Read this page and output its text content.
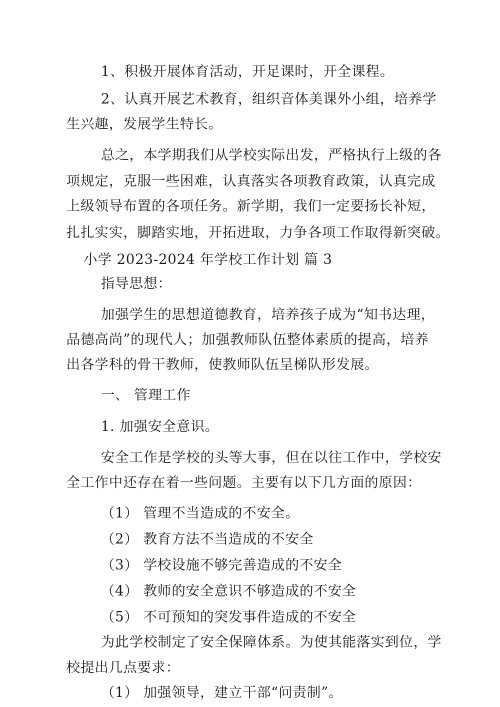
1、积极开展体育活动，开足课时，开全课程。
2、认真开展艺术教育，组织音体美课外小组，培养学
生兴趣，发展学生特长。
总之，本学期我们从学校实际出发，严格执行上级的各
项规定，克服一些困难，认真落实各项教育政策，认真完成
上级领导布置的各项任务。新学期，我们一定要扬长补短，
扎扎实实，脚踏实地，开拓进取，力争各项工作取得新突破。
小学 2023-2024 年学校工作计划 篇 3
指导思想：
加强学生的思想道德教育，培养孩子成为“知书达理，
品德高尚”的现代人；加强教师队伍整体素质的提高，培养
出各学科的骨干教师，使教师队伍呈梯队形发展。
一、 管理工作
1. 加强安全意识。
安全工作是学校的头等大事，但在以往工作中，学校安
全工作中还存在着一些问题。主要有以下几方面的原因：
（1） 管理不当造成的不安全。
（2） 教育方法不当造成的不安全
（3） 学校设施不够完善造成的不安全
（4） 教师的安全意识不够造成的不安全
（5） 不可预知的突发事件造成的不安全
为此学校制定了安全保障体系。为使其能落实到位，学
校提出几点要求：
（1） 加强领导，建立干部“问责制”。
